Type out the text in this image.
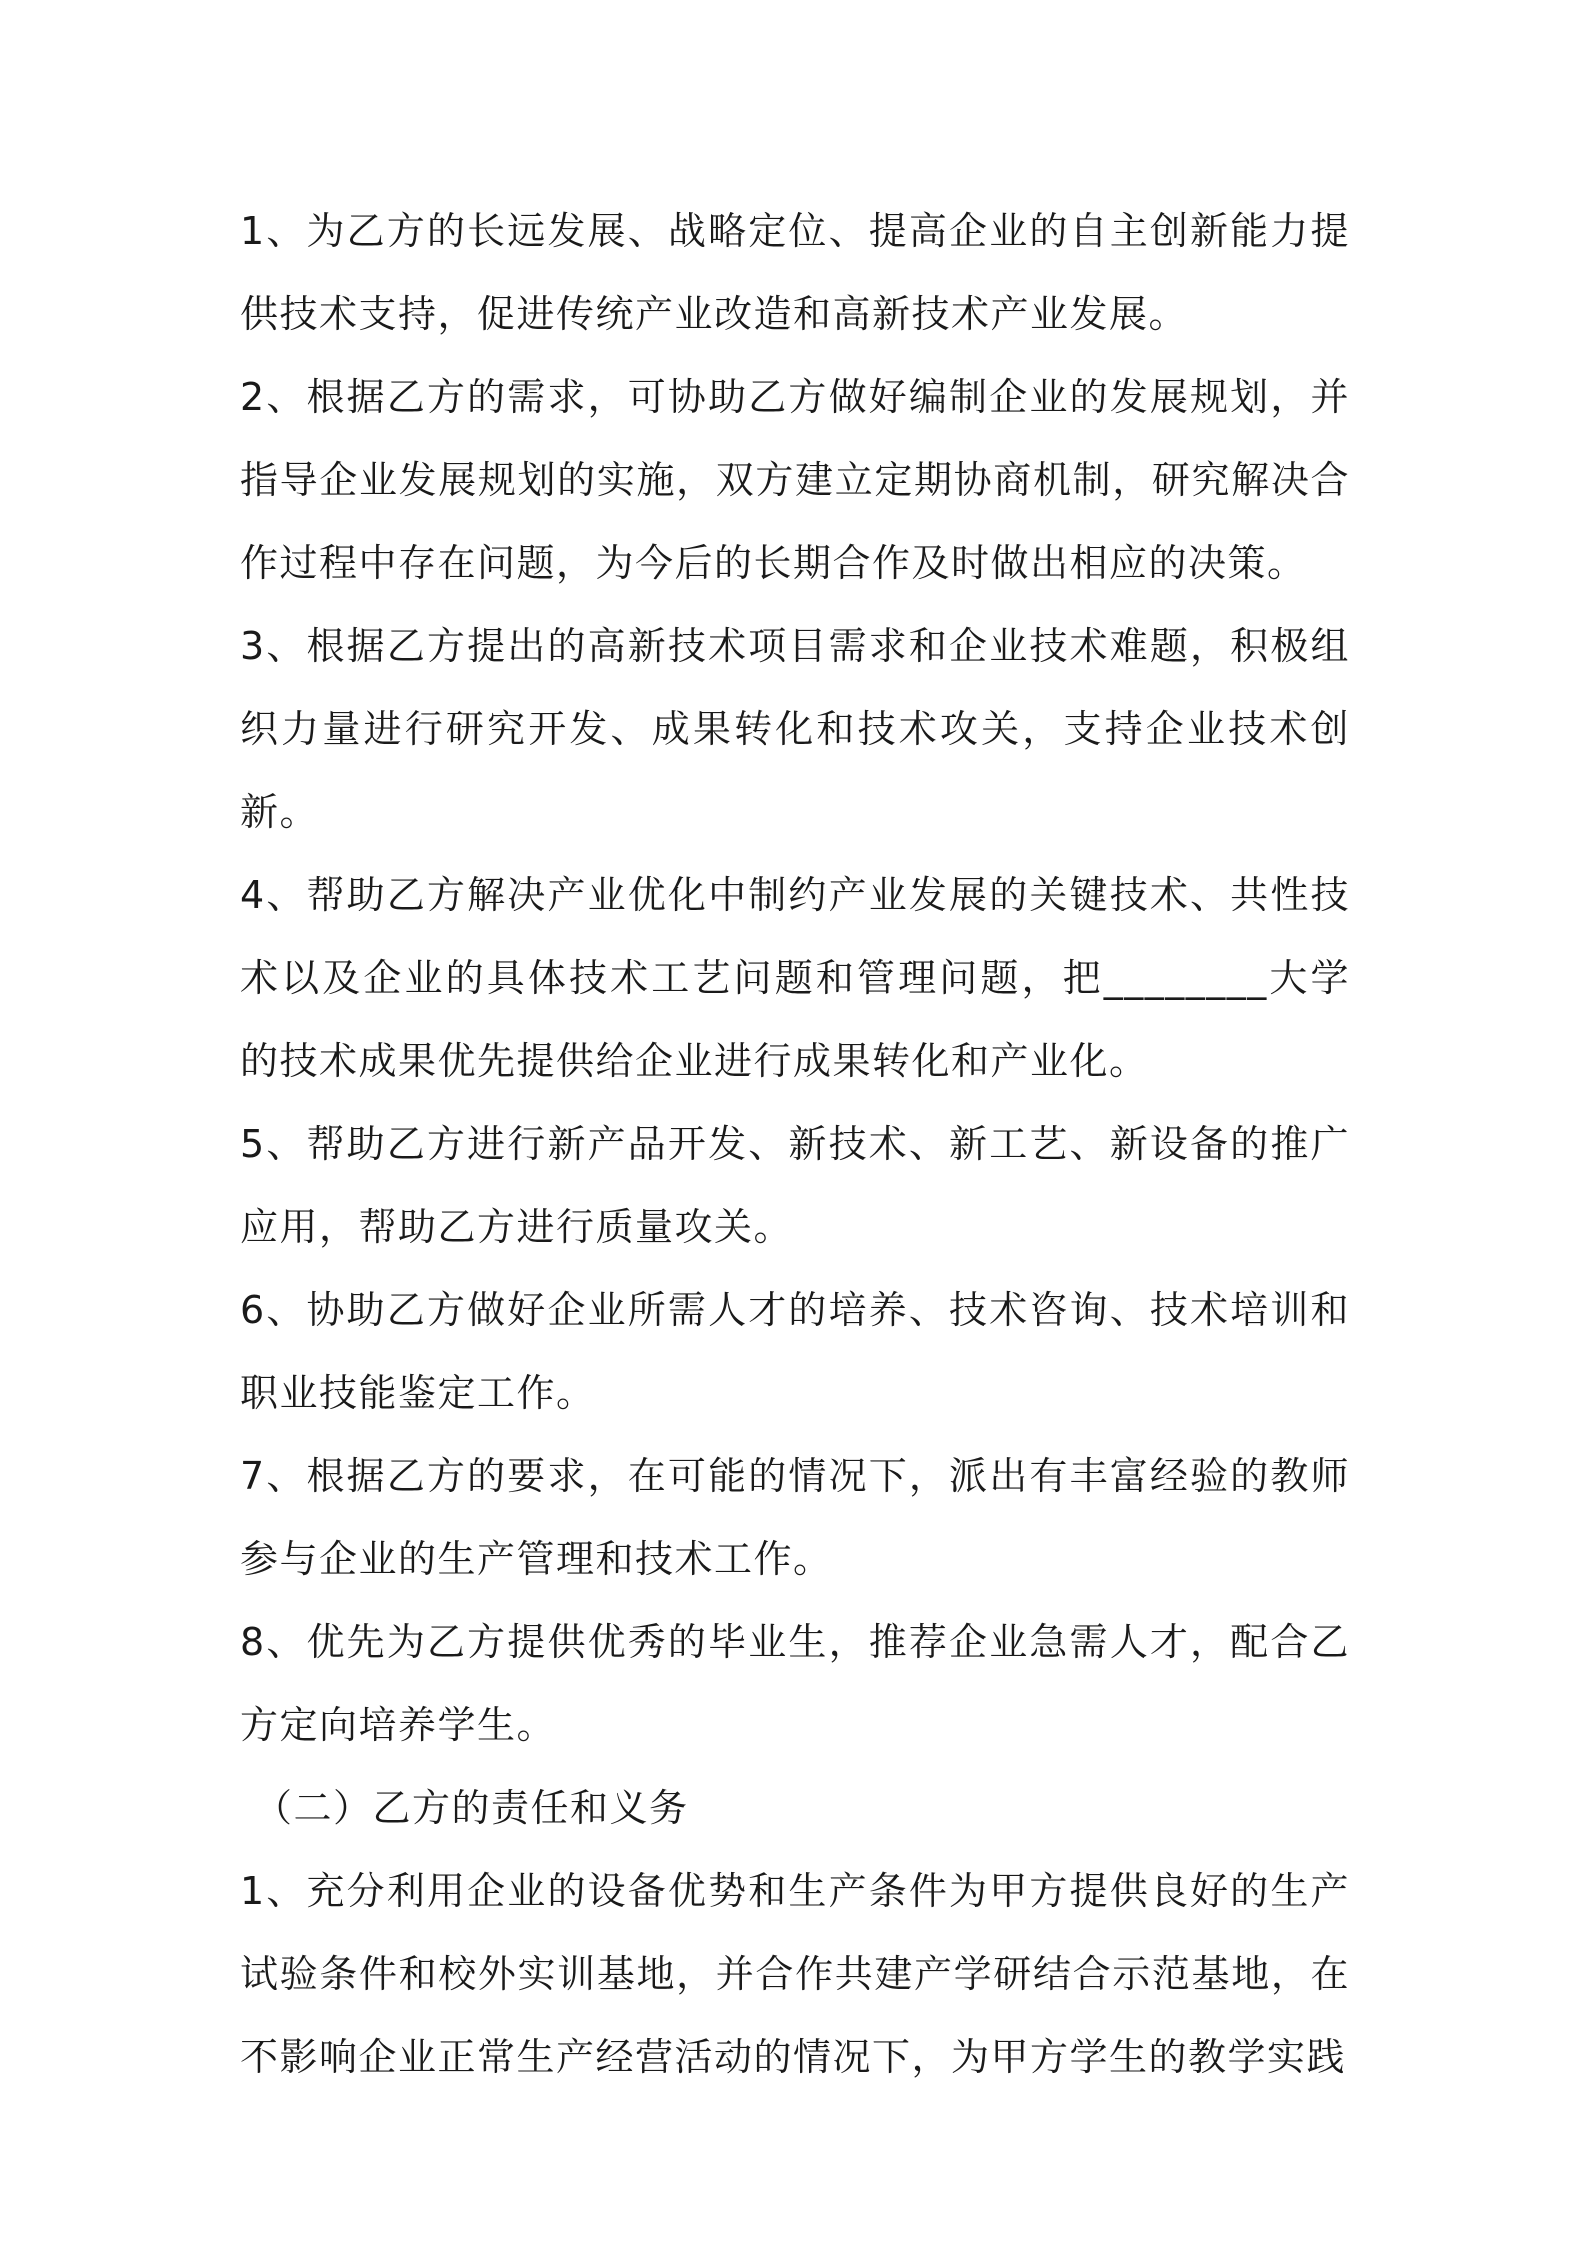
1、为乙方的长远发展、战略定位、提高企业的自主创新能力提供技术支持，促进传统产业改造和高新技术产业发展。

2、根据乙方的需求，可协助乙方做好编制企业的发展规划，并指导企业发展规划的实施，双方建立定期协商机制，研究解决合作过程中存在问题，为今后的长期合作及时做出相应的决策。

3、根据乙方提出的高新技术项目需求和企业技术难题，积极组织力量进行研究开发、成果转化和技术攻关，支持企业技术创新。

4、帮助乙方解决产业优化中制约产业发展的关键技术、共性技术以及企业的具体技术工艺问题和管理问题，把________大学的技术成果优先提供给企业进行成果转化和产业化。

5、帮助乙方进行新产品开发、新技术、新工艺、新设备的推广应用，帮助乙方进行质量攻关。

6、协助乙方做好企业所需人才的培养、技术咨询、技术培训和职业技能鉴定工作。

7、根据乙方的要求，在可能的情况下，派出有丰富经验的教师参与企业的生产管理和技术工作。

8、优先为乙方提供优秀的毕业生，推荐企业急需人才，配合乙方定向培养学生。

（二）乙方的责任和义务

1、充分利用企业的设备优势和生产条件为甲方提供良好的生产试验条件和校外实训基地，并合作共建产学研结合示范基地，在不影响企业正常生产经营活动的情况下，为甲方学生的教学实践
